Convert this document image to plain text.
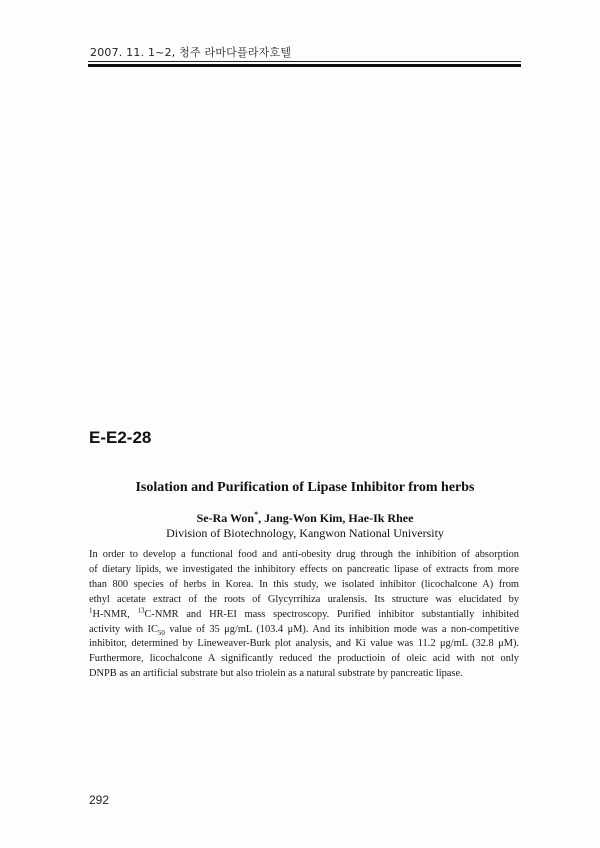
2007. 11. 1~2, 청주 라마다플라자호텔
E-E2-28
Isolation and Purification of Lipase Inhibitor from herbs
Se-Ra Won*, Jang-Won Kim, Hae-Ik Rhee
Division of Biotechnology, Kangwon National University
In order to develop a functional food and anti-obesity drug through the inhibition of absorption
of dietary lipids, we investigated the inhibitory effects on pancreatic lipase of extracts from more
than 800 species of herbs in Korea. In this study, we isolated inhibitor (licochalcone A) from
ethyl acetate extract of the roots of Glycyrrihiza uralensis. Its structure was elucidated by
$^1$H-NMR, $^{13}$C-NMR and HR-EI mass spectroscopy. Purified inhibitor substantially inhibited
activity with $IC_{50}$ value of 35 μg/mL (103.4 μM). And its inhibition mode was a non-competitive
inhibitor, determined by Lineweaver-Burk plot analysis, and Ki value was 11.2 μg/mL (32.8 μM).
Furthermore, licochalcone A significantly reduced the productioin of oleic acid with not only
DNPB as an artificial substrate but also triolein as a natural substrate by pancreatic lipase.
292
